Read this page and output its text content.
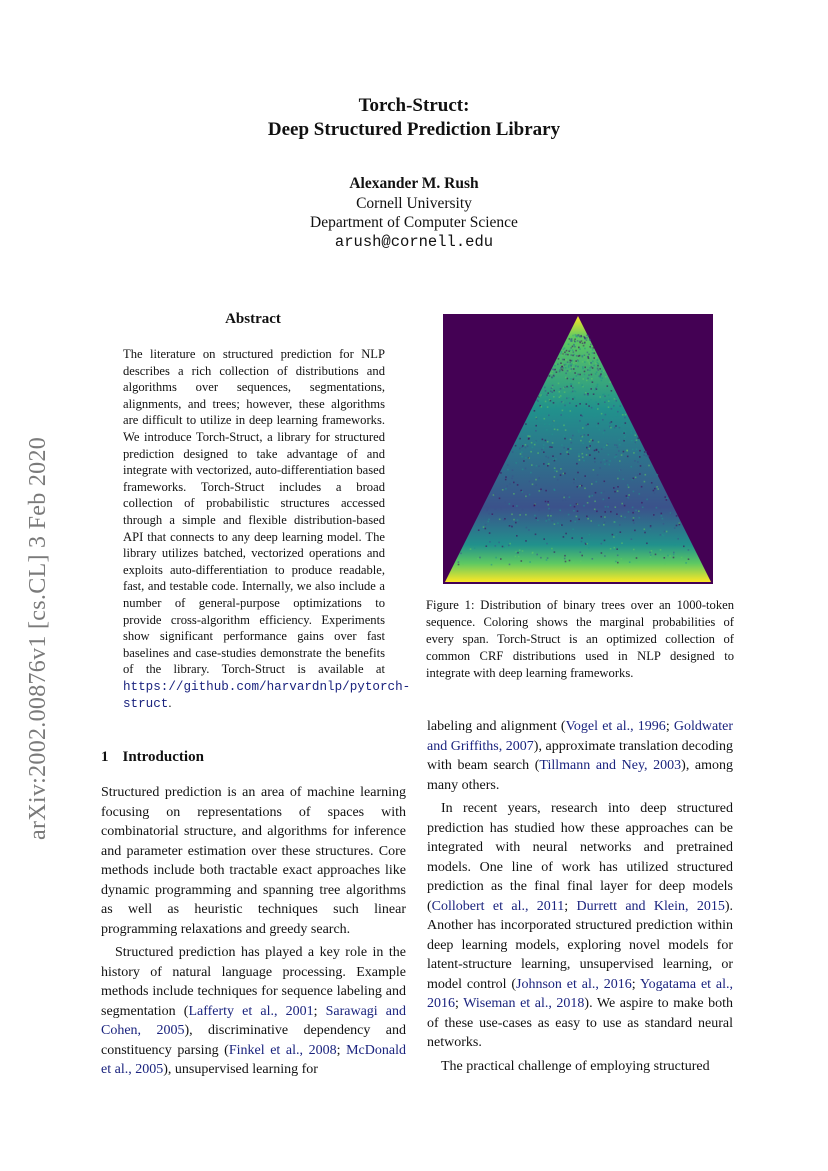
arXiv:2002.00876v1 [cs.CL] 3 Feb 2020
Torch-Struct:
Deep Structured Prediction Library
Alexander M. Rush
Cornell University
Department of Computer Science
arush@cornell.edu
Abstract
The literature on structured prediction for NLP describes a rich collection of distributions and algorithms over sequences, segmentations, alignments, and trees; however, these algorithms are difficult to utilize in deep learning frameworks. We introduce Torch-Struct, a library for structured prediction designed to take advantage of and integrate with vectorized, auto-differentiation based frameworks. Torch-Struct includes a broad collection of probabilistic structures accessed through a simple and flexible distribution-based API that connects to any deep learning model. The library utilizes batched, vectorized operations and exploits auto-differentiation to produce readable, fast, and testable code. Internally, we also include a number of general-purpose optimizations to provide cross-algorithm efficiency. Experiments show significant performance gains over fast baselines and case-studies demonstrate the benefits of the library. Torch-Struct is available at https://github.com/harvardnlp/pytorch-struct.
Figure 1: Distribution of binary trees over an 1000-token sequence. Coloring shows the marginal probabilities of every span. Torch-Struct is an optimized collection of common CRF distributions used in NLP designed to integrate with deep learning frameworks.
1 Introduction

Structured prediction is an area of machine learning focusing on representations of spaces with combinatorial structure, and algorithms for inference and parameter estimation over these structures. Core methods include both tractable exact approaches like dynamic programming and spanning tree algorithms as well as heuristic techniques such linear programming relaxations and greedy search.

Structured prediction has played a key role in the history of natural language processing. Example methods include techniques for sequence labeling and segmentation (Lafferty et al., 2001; Sarawagi and Cohen, 2005), discriminative dependency and constituency parsing (Finkel et al., 2008; McDonald et al., 2005), unsupervised learning for

labeling and alignment (Vogel et al., 1996; Goldwater and Griffiths, 2007), approximate translation decoding with beam search (Tillmann and Ney, 2003), among many others.

In recent years, research into deep structured prediction has studied how these approaches can be integrated with neural networks and pretrained models. One line of work has utilized structured prediction as the final final layer for deep models (Collobert et al., 2011; Durrett and Klein, 2015). Another has incorporated structured prediction within deep learning models, exploring novel models for latent-structure learning, unsupervised learning, or model control (Johnson et al., 2016; Yogatama et al., 2016; Wiseman et al., 2018). We aspire to make both of these use-cases as easy to use as standard neural networks.

The practical challenge of employing structured
